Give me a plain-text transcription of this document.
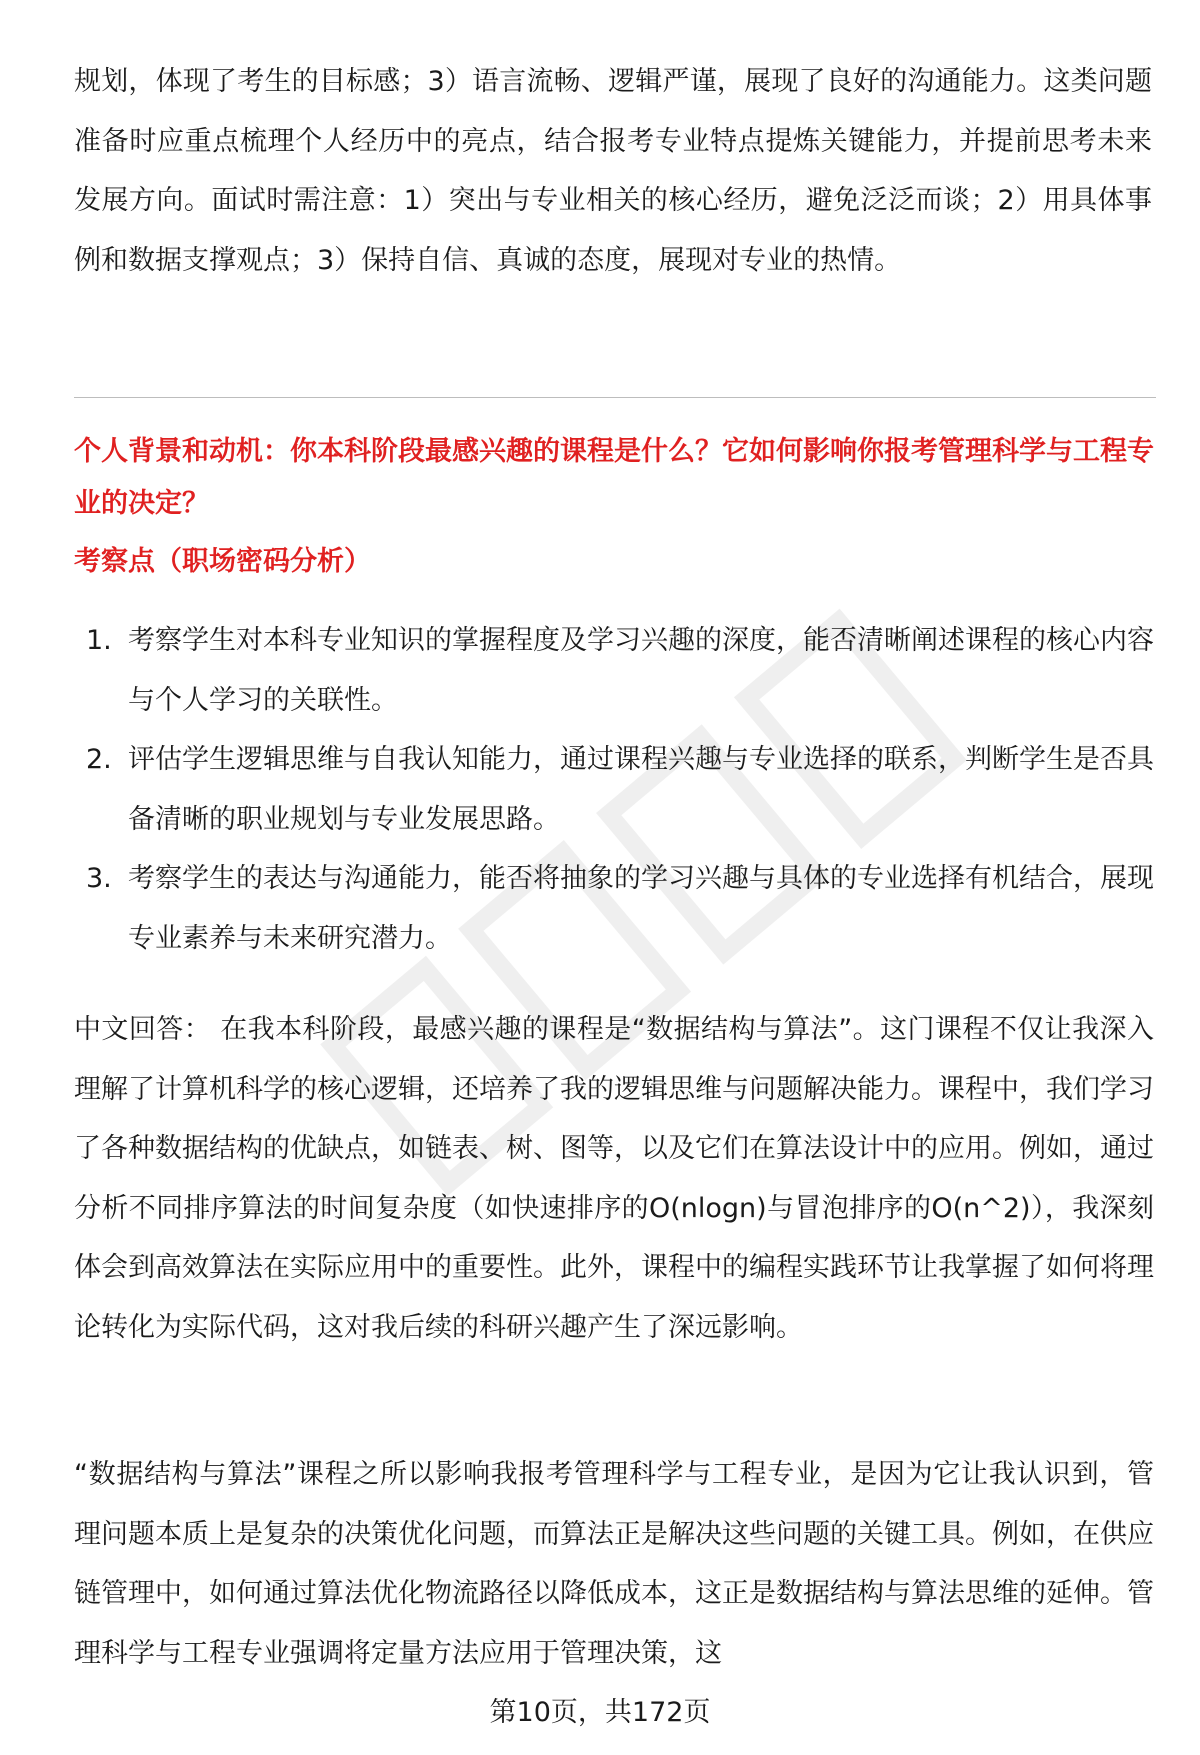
规划，体现了考生的目标感；3）语言流畅、逻辑严谨，展现了良好的沟通能力。这类问题准备时应重点梳理个人经历中的亮点，结合报考专业特点提炼关键能力，并提前思考未来发展方向。面试时需注意：1）突出与专业相关的核心经历，避免泛泛而谈；2）用具体事例和数据支撑观点；3）保持自信、真诚的态度，展现对专业的热情。

个人背景和动机：你本科阶段最感兴趣的课程是什么？它如何影响你报考管理科学与工程专业的决定？

考察点（职场密码分析）

1. 考察学生对本科专业知识的掌握程度及学习兴趣的深度，能否清晰阐述课程的核心内容与个人学习的关联性。
2. 评估学生逻辑思维与自我认知能力，通过课程兴趣与专业选择的联系，判断学生是否具备清晰的职业规划与专业发展思路。
3. 考察学生的表达与沟通能力，能否将抽象的学习兴趣与具体的专业选择有机结合，展现专业素养与未来研究潜力。

中文回答： 在我本科阶段，最感兴趣的课程是“数据结构与算法”。这门课程不仅让我深入理解了计算机科学的核心逻辑，还培养了我的逻辑思维与问题解决能力。课程中，我们学习了各种数据结构的优缺点，如链表、树、图等，以及它们在算法设计中的应用。例如，通过分析不同排序算法的时间复杂度（如快速排序的O(nlogn)与冒泡排序的O(n^2)），我深刻体会到高效算法在实际应用中的重要性。此外，课程中的编程实践环节让我掌握了如何将理论转化为实际代码，这对我后续的科研兴趣产生了深远影响。

“数据结构与算法”课程之所以影响我报考管理科学与工程专业，是因为它让我认识到，管理问题本质上是复杂的决策优化问题，而算法正是解决这些问题的关键工具。例如，在供应链管理中，如何通过算法优化物流路径以降低成本，这正是数据结构与算法思维的延伸。管理科学与工程专业强调将定量方法应用于管理决策，这

第10页，共172页
